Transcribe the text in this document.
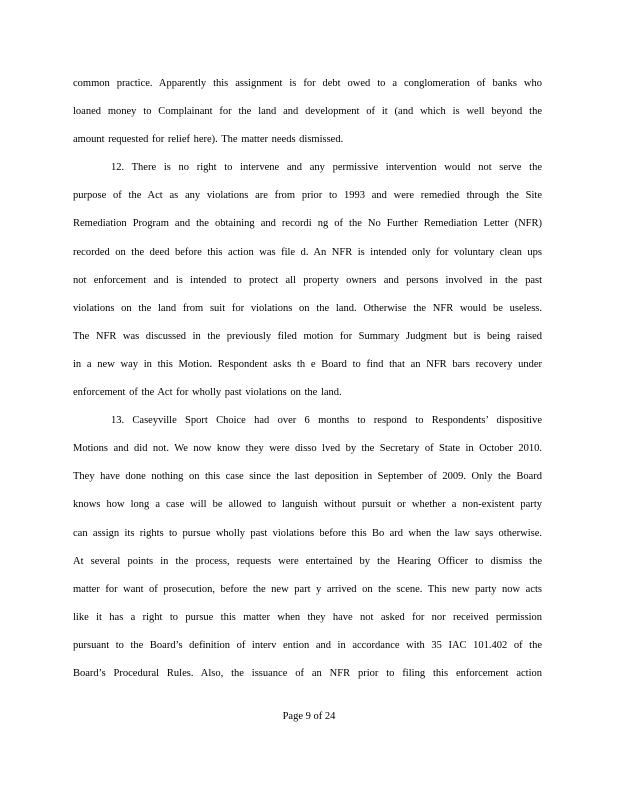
common practice. Apparently this assignment is for debt owed to a conglomeration of banks who
loaned money to Complainant for the land and development of it (and which is well beyond the
amount requested for relief here). The matter needs dismissed.
12. There is no right to intervene and any permissive intervention would not serve the
purpose of the Act as any violations are from prior to 1993 and were remedied through the Site
Remediation Program and the obtaining and recordi ng of the No Further Remediation Letter (NFR)
recorded on the deed before this action was file d. An NFR is intended only for voluntary clean ups
not enforcement and is intended to protect all property owners and persons involved in the past
violations on the land from suit for violations on the land. Otherwise the NFR would be useless.
The NFR was discussed in the previously filed motion for Summary Judgment but is being raised
in a new way in this Motion. Respondent asks th e Board to find that an NFR bars recovery under
enforcement of the Act for wholly past violations on the land.
13. Caseyville Sport Choice had over 6 months to respond to Respondents’ dispositive
Motions and did not. We now know they were disso lved by the Secretary of State in October 2010.
They have done nothing on this case since the last deposition in September of 2009. Only the Board
knows how long a case will be allowed to languish without pursuit or whether a non-existent party
can assign its rights to pursue wholly past violations before this Bo ard when the law says otherwise.
At several points in the process, requests were entertained by the Hearing Officer to dismiss the
matter for want of prosecution, before the new part y arrived on the scene. This new party now acts
like it has a right to pursue this matter when they have not asked for nor received permission
pursuant to the Board’s definition of interv ention and in accordance with 35 IAC 101.402 of the
Board’s Procedural Rules. Also, the issuance of an NFR prior to filing this enforcement action
Page 9 of 24
